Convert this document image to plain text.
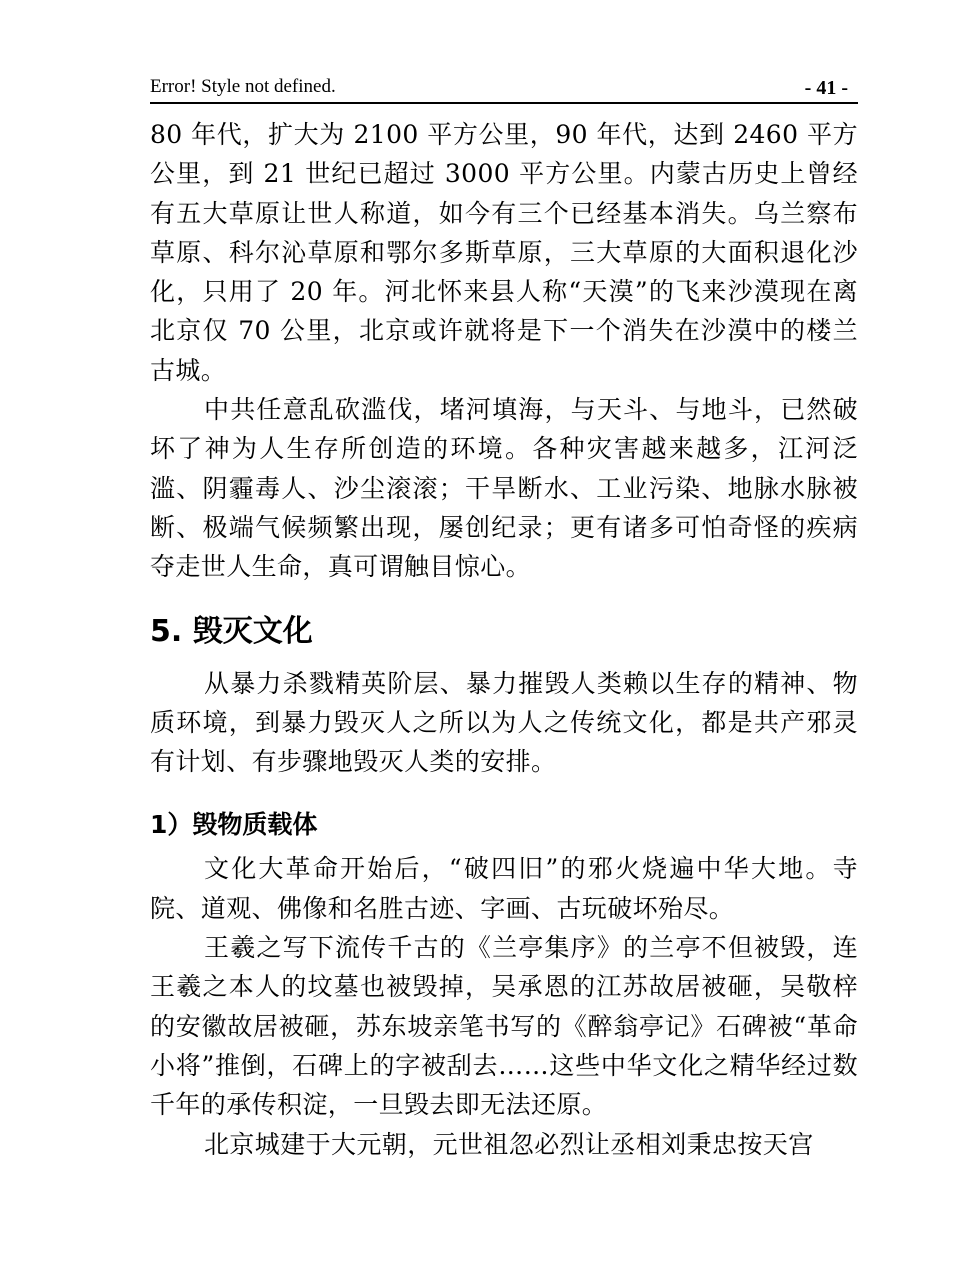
Error! Style not defined.	- 41 -

80 年代，扩大为 2100 平方公里，90 年代，达到 2460 平方公里，到 21 世纪已超过 3000 平方公里。内蒙古历史上曾经有五大草原让世人称道，如今有三个已经基本消失。乌兰察布草原、科尔沁草原和鄂尔多斯草原，三大草原的大面积退化沙化，只用了 20 年。河北怀来县人称“天漠”的飞来沙漠现在离北京仅 70 公里，北京或许就将是下一个消失在沙漠中的楼兰古城。

中共任意乱砍滥伐，堵河填海，与天斗、与地斗，已然破坏了神为人生存所创造的环境。各种灾害越来越多，江河泛滥、阴霾毒人、沙尘滚滚；干旱断水、工业污染、地脉水脉被断、极端气候频繁出现，屡创纪录；更有诸多可怕奇怪的疾病夺走世人生命，真可谓触目惊心。

5. 毁灭文化

从暴力杀戮精英阶层、暴力摧毁人类赖以生存的精神、物质环境，到暴力毁灭人之所以为人之传统文化，都是共产邪灵有计划、有步骤地毁灭人类的安排。

1）毁物质载体

文化大革命开始后，“破四旧”的邪火烧遍中华大地。寺院、道观、佛像和名胜古迹、字画、古玩破坏殆尽。

王羲之写下流传千古的《兰亭集序》的兰亭不但被毁，连王羲之本人的坟墓也被毁掉，吴承恩的江苏故居被砸，吴敬梓的安徽故居被砸，苏东坡亲笔书写的《醉翁亭记》石碑被“革命小将”推倒，石碑上的字被刮去……这些中华文化之精华经过数千年的承传积淀，一旦毁去即无法还原。

北京城建于大元朝，元世祖忽必烈让丞相刘秉忠按天宫
